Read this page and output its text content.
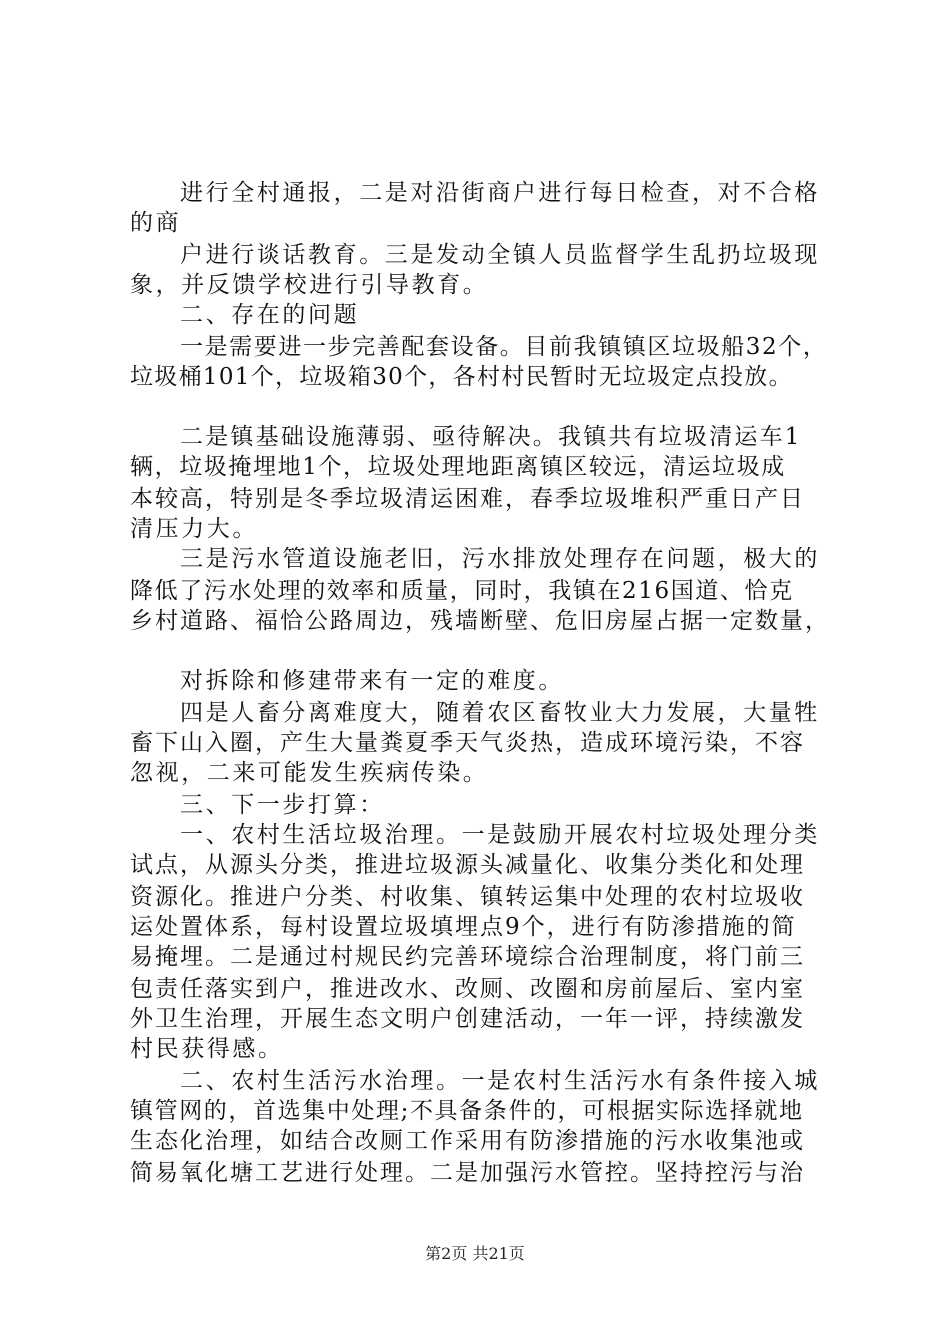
进行全村通报，二是对沿街商户进行每日检查，对不合格
的商
户进行谈话教育。三是发动全镇人员监督学生乱扔垃圾现
象，并反馈学校进行引导教育。
二、存在的问题
一是需要进一步完善配套设备。目前我镇镇区垃圾船32个，
垃圾桶101个，垃圾箱30个，各村村民暂时无垃圾定点投放。
二是镇基础设施薄弱、亟待解决。我镇共有垃圾清运车1
辆，垃圾掩埋地1个，垃圾处理地距离镇区较远，清运垃圾成
本较高，特别是冬季垃圾清运困难，春季垃圾堆积严重日产日
清压力大。
三是污水管道设施老旧，污水排放处理存在问题，极大的
降低了污水处理的效率和质量，同时，我镇在216国道、恰克
乡村道路、福恰公路周边，残墙断壁、危旧房屋占据一定数量，
对拆除和修建带来有一定的难度。
四是人畜分离难度大，随着农区畜牧业大力发展，大量牲
畜下山入圈，产生大量粪夏季天气炎热，造成环境污染，不容
忽视，二来可能发生疾病传染。
三、下一步打算：
一、农村生活垃圾治理。一是鼓励开展农村垃圾处理分类
试点，从源头分类，推进垃圾源头减量化、收集分类化和处理
资源化。推进户分类、村收集、镇转运集中处理的农村垃圾收
运处置体系，每村设置垃圾填埋点9个，进行有防渗措施的简
易掩埋。二是通过村规民约完善环境综合治理制度，将门前三
包责任落实到户，推进改水、改厕、改圈和房前屋后、室内室
外卫生治理，开展生态文明户创建活动，一年一评，持续激发
村民获得感。
二、农村生活污水治理。一是农村生活污水有条件接入城
镇管网的，首选集中处理;不具备条件的，可根据实际选择就地
生态化治理，如结合改厕工作采用有防渗措施的污水收集池或
简易氧化塘工艺进行处理。二是加强污水管控。坚持控污与治
第2页 共21页
